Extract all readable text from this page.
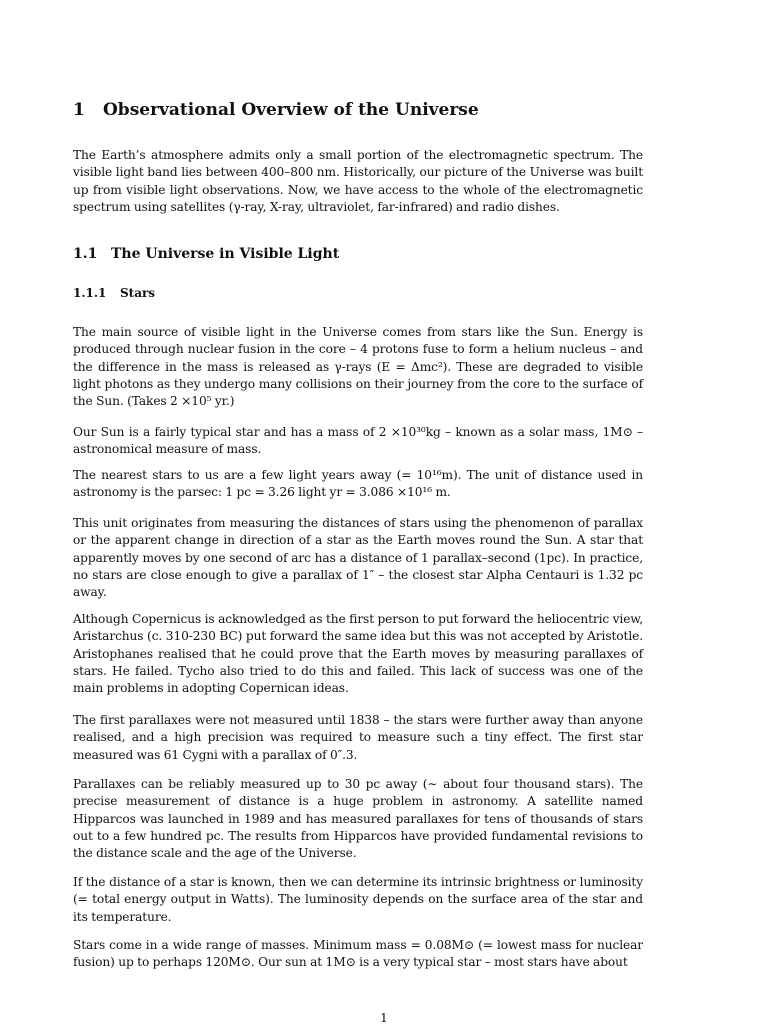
1 Observational Overview of the Universe

The Earth’s atmosphere admits only a small portion of the electromagnetic spectrum. The visible light band lies between 400–800 nm. Historically, our picture of the Universe was built up from visible light observations. Now, we have access to the whole of the electromagnetic spectrum using satellites (γ-ray, X-ray, ultraviolet, far-infrared) and radio dishes.

1.1 The Universe in Visible Light
1.1.1 Stars

The main source of visible light in the Universe comes from stars like the Sun. Energy is produced through nuclear fusion in the core – 4 protons fuse to form a helium nucleus – and the difference in the mass is released as γ-rays (E = Δmc²). These are degraded to visible light photons as they undergo many collisions on their journey from the core to the surface of the Sun. (Takes 2 ×10⁵ yr.)

Our Sun is a fairly typical star and has a mass of 2 ×10³⁰kg – known as a solar mass, 1M⊙ – astronomical measure of mass.

The nearest stars to us are a few light years away (= 10¹⁶m). The unit of distance used in astronomy is the parsec: 1 pc = 3.26 light yr = 3.086 ×10¹⁶ m.

This unit originates from measuring the distances of stars using the phenomenon of parallax or the apparent change in direction of a star as the Earth moves round the Sun. A star that apparently moves by one second of arc has a distance of 1 parallax–second (1pc). In practice, no stars are close enough to give a parallax of 1″ – the closest star Alpha Centauri is 1.32 pc away.

Although Copernicus is acknowledged as the first person to put forward the heliocentric view, Aristarchus (c. 310-230 BC) put forward the same idea but this was not accepted by Aristotle. Aristophanes realised that he could prove that the Earth moves by measuring parallaxes of stars. He failed. Tycho also tried to do this and failed. This lack of success was one of the main problems in adopting Copernican ideas.

The first parallaxes were not measured until 1838 – the stars were further away than anyone realised, and a high precision was required to measure such a tiny effect. The first star measured was 61 Cygni with a parallax of 0″.3.

Parallaxes can be reliably measured up to 30 pc away (∼ about four thousand stars). The precise measurement of distance is a huge problem in astronomy. A satellite named Hipparcos was launched in 1989 and has measured parallaxes for tens of thousands of stars out to a few hundred pc. The results from Hipparcos have provided fundamental revisions to the distance scale and the age of the Universe.

If the distance of a star is known, then we can determine its intrinsic brightness or luminosity (= total energy output in Watts). The luminosity depends on the surface area of the star and its temperature.

Stars come in a wide range of masses. Minimum mass = 0.08M⊙ (= lowest mass for nuclear fusion) up to perhaps 120M⊙. Our sun at 1M⊙ is a very typical star – most stars have about

1
